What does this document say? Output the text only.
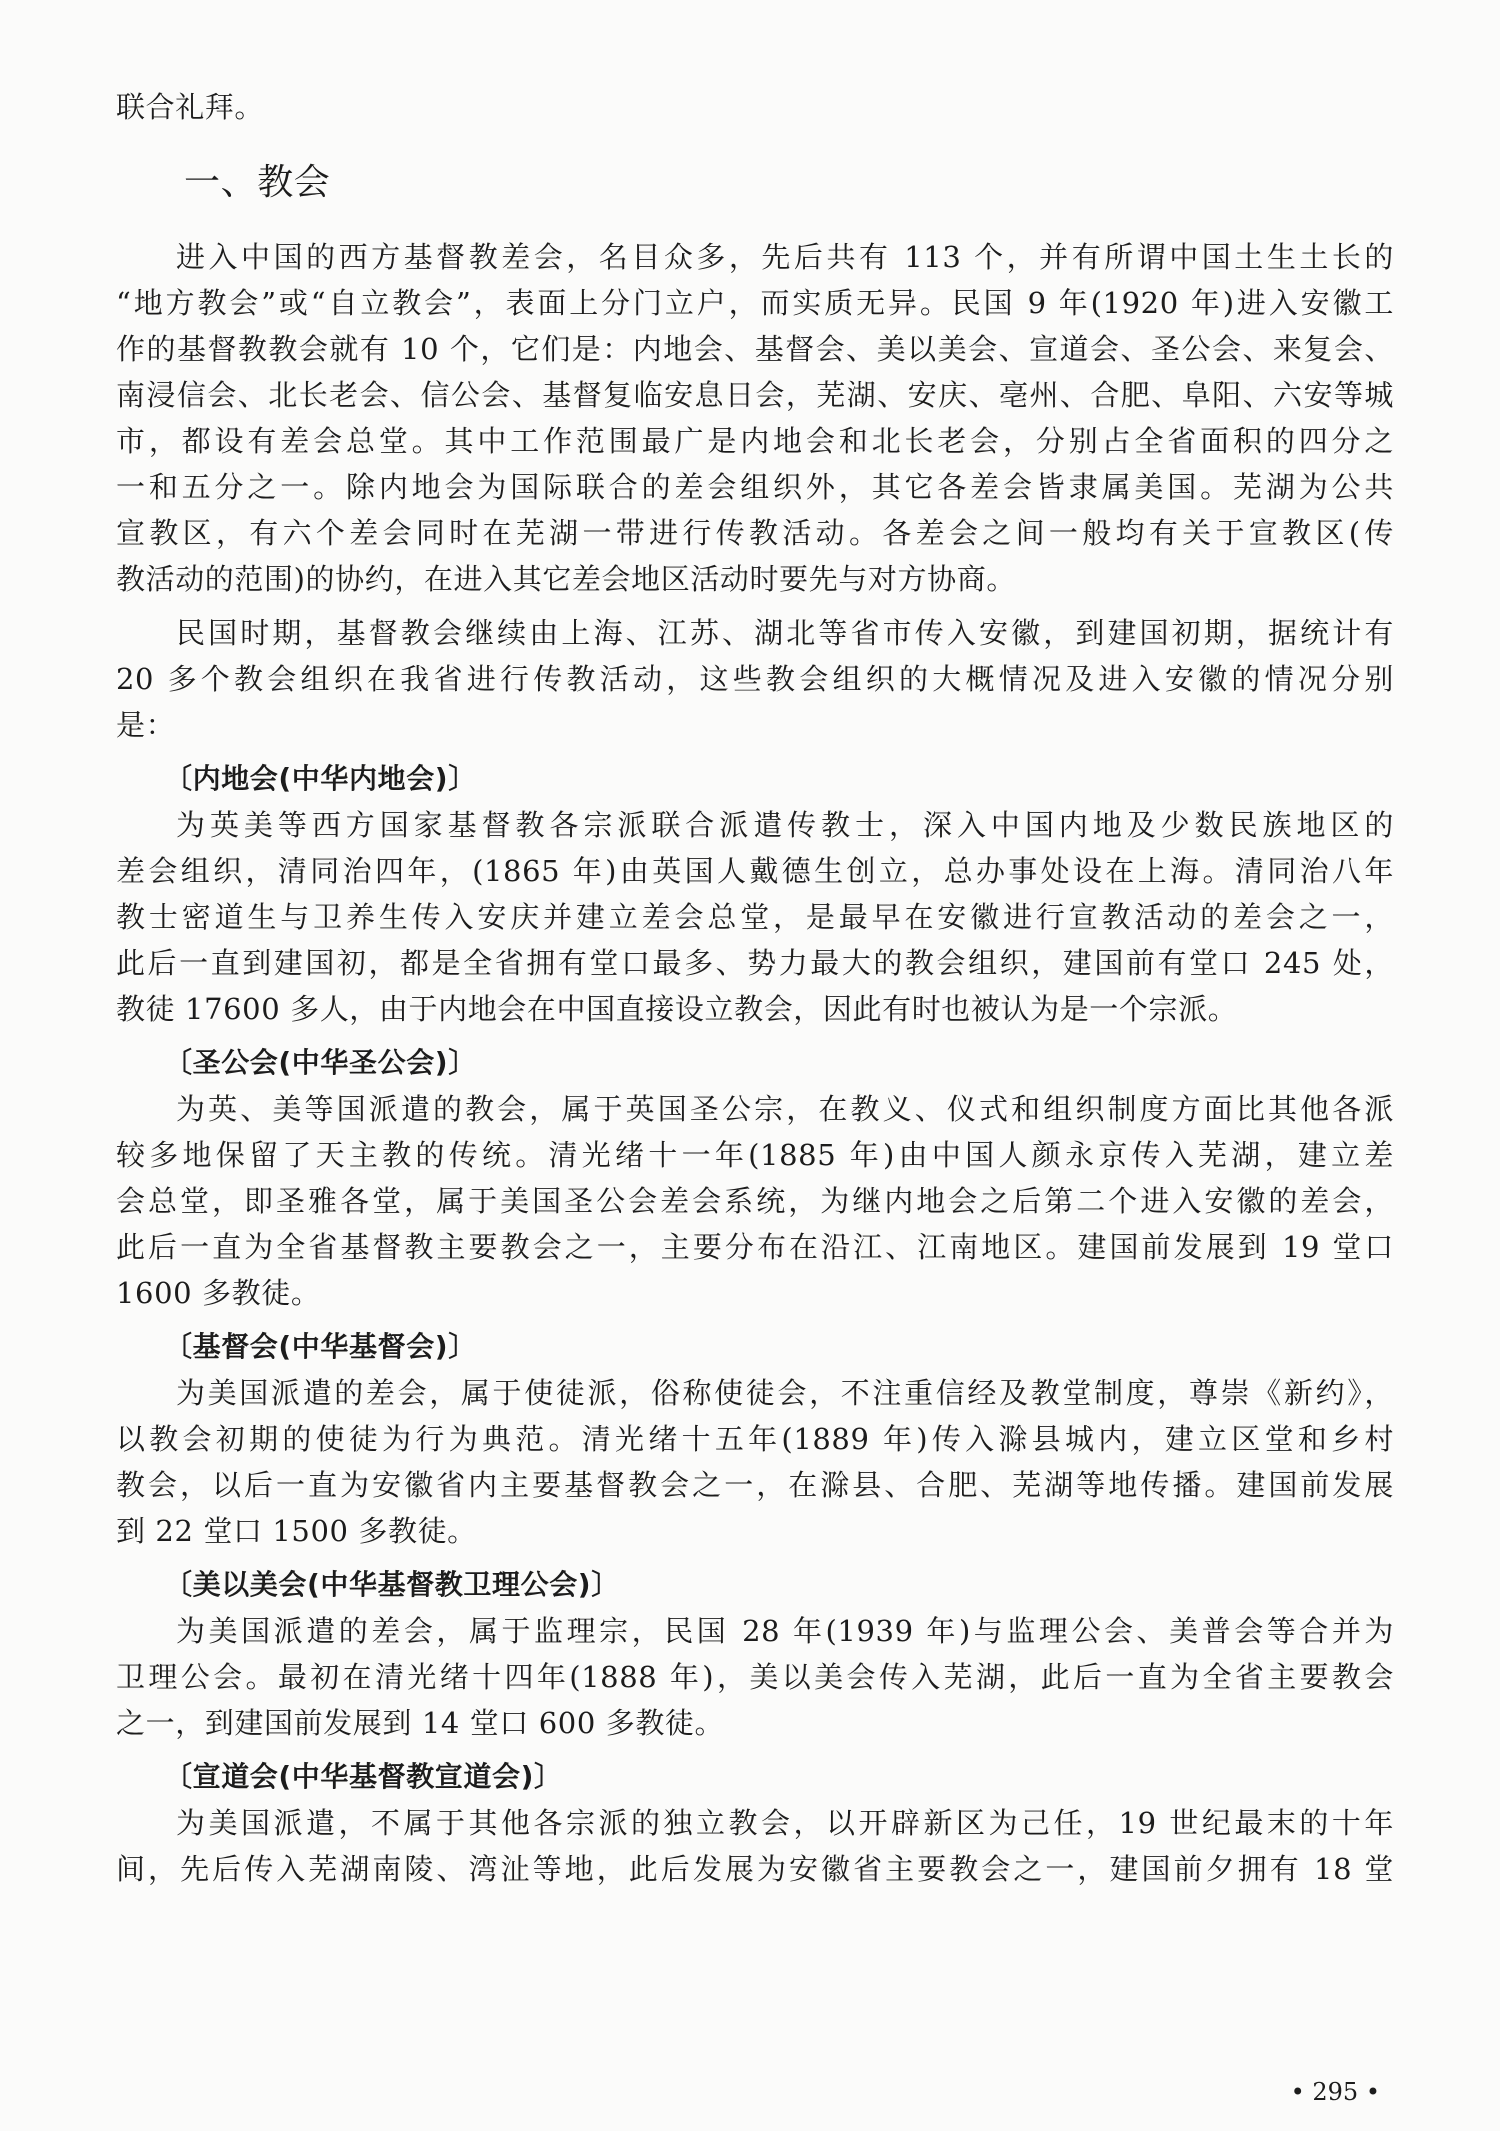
联合礼拜。

一、教会

进入中国的西方基督教差会，名目众多，先后共有 113 个，并有所谓中国土生土长的

“地方教会”或“自立教会”，表面上分门立户，而实质无异。民国 9 年(1920 年)进入安徽工

作的基督教教会就有 10 个，它们是：内地会、基督会、美以美会、宣道会、圣公会、来复会、

南浸信会、北长老会、信公会、基督复临安息日会，芜湖、安庆、亳州、合肥、阜阳、六安等城

市，都设有差会总堂。其中工作范围最广是内地会和北长老会，分别占全省面积的四分之

一和五分之一。除内地会为国际联合的差会组织外，其它各差会皆隶属美国。芜湖为公共

宣教区，有六个差会同时在芜湖一带进行传教活动。各差会之间一般均有关于宣教区(传

教活动的范围)的协约，在进入其它差会地区活动时要先与对方协商。

民国时期，基督教会继续由上海、江苏、湖北等省市传入安徽，到建国初期，据统计有

20 多个教会组织在我省进行传教活动，这些教会组织的大概情况及进入安徽的情况分别

是：

〔内地会(中华内地会)〕

为英美等西方国家基督教各宗派联合派遣传教士，深入中国内地及少数民族地区的

差会组织，清同治四年，(1865 年)由英国人戴德生创立，总办事处设在上海。清同治八年

教士密道生与卫养生传入安庆并建立差会总堂，是最早在安徽进行宣教活动的差会之一，

此后一直到建国初，都是全省拥有堂口最多、势力最大的教会组织，建国前有堂口 245 处，

教徒 17600 多人，由于内地会在中国直接设立教会，因此有时也被认为是一个宗派。

〔圣公会(中华圣公会)〕

为英、美等国派遣的教会，属于英国圣公宗，在教义、仪式和组织制度方面比其他各派

较多地保留了天主教的传统。清光绪十一年(1885 年)由中国人颜永京传入芜湖，建立差

会总堂，即圣雅各堂，属于美国圣公会差会系统，为继内地会之后第二个进入安徽的差会，

此后一直为全省基督教主要教会之一，主要分布在沿江、江南地区。建国前发展到 19 堂口

1600 多教徒。

〔基督会(中华基督会)〕

为美国派遣的差会，属于使徒派，俗称使徒会，不注重信经及教堂制度，尊崇《新约》，

以教会初期的使徒为行为典范。清光绪十五年(1889 年)传入滁县城内，建立区堂和乡村

教会，以后一直为安徽省内主要基督教会之一，在滁县、合肥、芜湖等地传播。建国前发展

到 22 堂口 1500 多教徒。

〔美以美会(中华基督教卫理公会)〕

为美国派遣的差会，属于监理宗，民国 28 年(1939 年)与监理公会、美普会等合并为

卫理公会。最初在清光绪十四年(1888 年)，美以美会传入芜湖，此后一直为全省主要教会

之一，到建国前发展到 14 堂口 600 多教徒。

〔宣道会(中华基督教宣道会)〕

为美国派遣，不属于其他各宗派的独立教会，以开辟新区为己任，19 世纪最末的十年

间，先后传入芜湖南陵、湾沚等地，此后发展为安徽省主要教会之一，建国前夕拥有 18 堂

• 295 •
